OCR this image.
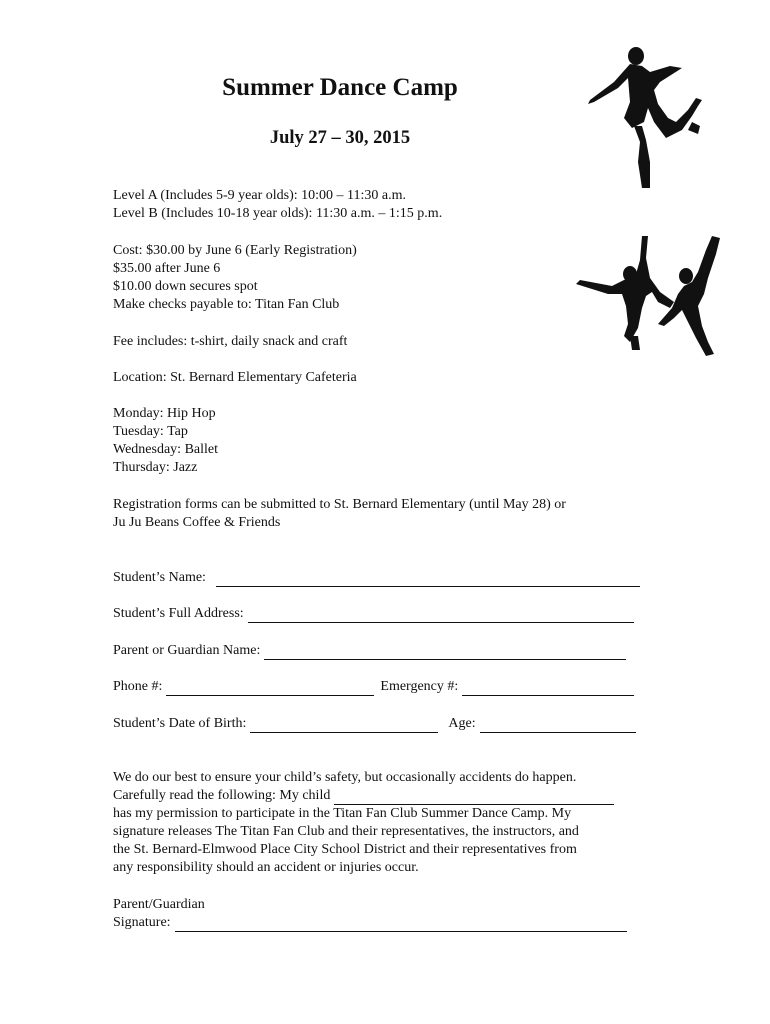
Summer Dance Camp
July 27 – 30, 2015
Level A (Includes 5-9 year olds): 10:00 – 11:30 a.m.
Level B (Includes 10-18 year olds): 11:30 a.m. – 1:15 p.m.
Cost: $30.00 by June 6 (Early Registration)
$35.00 after June 6
$10.00 down secures spot
Make checks payable to: Titan Fan Club
Fee includes: t-shirt, daily snack and craft
Location: St. Bernard Elementary Cafeteria
Monday: Hip Hop
Tuesday: Tap
Wednesday: Ballet
Thursday: Jazz
Registration forms can be submitted to St. Bernard Elementary (until May 28) or
Ju Ju Beans Coffee & Friends
Student’s Name:
Student’s Full Address:
Parent or Guardian Name:
Phone #:	Emergency #:
Student’s Date of Birth:	Age:
We do our best to ensure your child’s safety, but occasionally accidents do happen.
Carefully read the following: My child
has my permission to participate in the Titan Fan Club Summer Dance Camp. My
signature releases The Titan Fan Club and their representatives, the instructors, and
the St. Bernard-Elmwood Place City School District and their representatives from
any responsibility should an accident or injuries occur.
Parent/Guardian
Signature:
